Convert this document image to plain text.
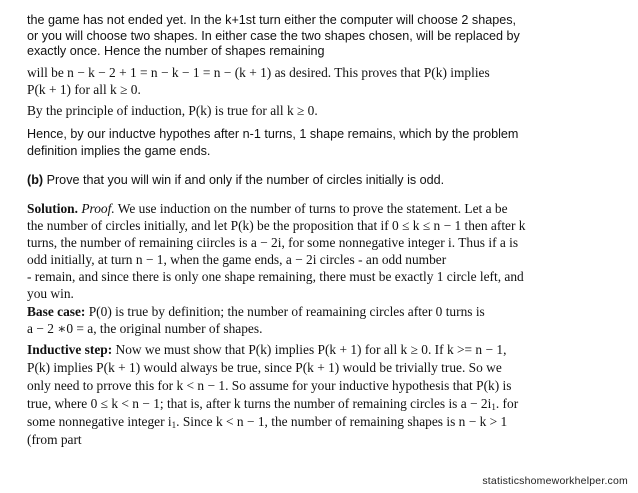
the game has not ended yet. In the k+1st turn either the computer will choose 2 shapes,
or you will choose two shapes. In either case the two shapes chosen, will be replaced by
exactly once. Hence the number of shapes remaining
will be n − k − 2 + 1 = n − k − 1 = n − (k + 1) as desired. This proves that P(k) implies
P(k + 1) for all k ≥ 0.
By the principle of induction, P(k) is true for all k ≥ 0.
Hence, by our inductve hypothes after n-1 turns, 1 shape remains, which by the problem
definition implies the game ends.
(b) Prove that you will win if and only if the number of circles initially is odd.
Solution. Proof. We use induction on the number of turns to prove the statement. Let a be
the number of circles initially, and let P(k) be the proposition that if 0 ≤ k ≤ n − 1 then after k
turns, the number of remaining ciircles is a − 2i, for some nonnegative integer i. Thus if a is
odd initially, at turn n − 1, when the game ends, a − 2i circles - an odd number
- remain, and since there is only one shape remaining, there must be exactly 1 circle left, and
you win.
Base case: P(0) is true by definition; the number of reamaining circles after 0 turns is
a − 2 ∗0 = a, the original number of shapes.
Inductive step: Now we must show that P(k) implies P(k + 1) for all k ≥ 0. If k >= n − 1,
P(k) implies P(k + 1) would always be true, since P(k + 1) would be trivially true. So we
only need to prrove this for k < n − 1. So assume for your inductive hypothesis that P(k) is
true, where 0 ≤ k < n − 1; that is, after k turns the number of remaining circles is $a - 2i_1$. for
some nonnegative integer $i_1$. Since k < n − 1, the number of remaining shapes is n − k > 1
(from part
statisticshomeworkhelper.com
